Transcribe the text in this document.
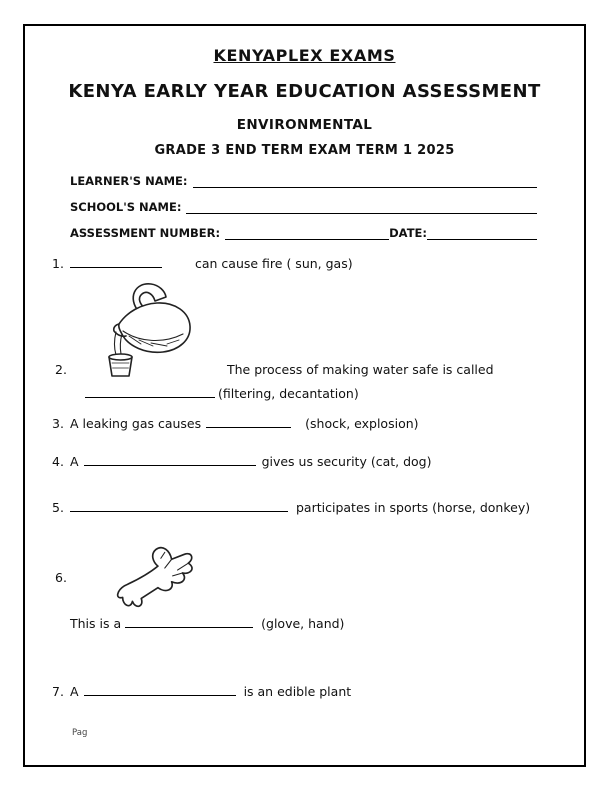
KENYAPLEX EXAMS
KENYA EARLY YEAR EDUCATION ASSESSMENT
ENVIRONMENTAL
GRADE 3 END TERM EXAM TERM 1 2025
LEARNER'S NAME:
SCHOOL'S NAME:
ASSESSMENT NUMBER:	DATE:
1.	can cause fire ( sun, gas)
2.	The process of making water safe is called
(filtering, decantation)
3. A leaking gas causes	(shock, explosion)
4. A	gives us security (cat, dog)
5.	participates in sports (horse, donkey)
6.
This is a	(glove, hand)
7. A	is an edible plant
Pag
